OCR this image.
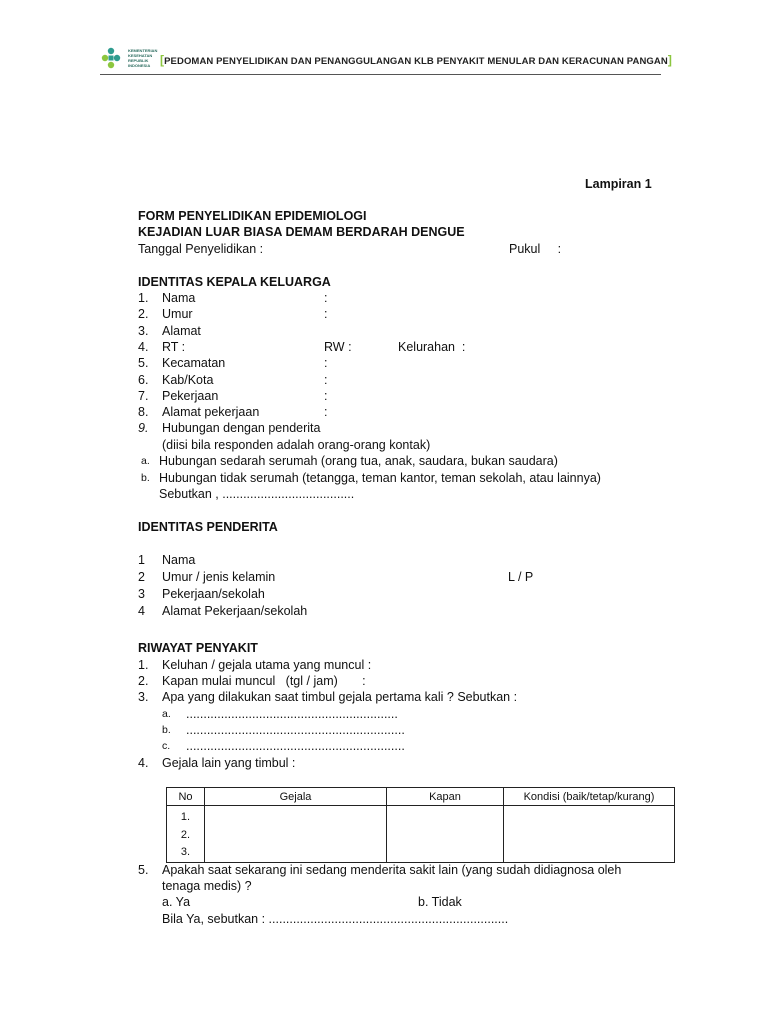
KEMENTERIAN
KESEHATAN
REPUBLIK
INDONESIA [PEDOMAN PENYELIDIKAN DAN PENANGGULANGAN KLB PENYAKIT MENULAR DAN KERACUNAN PANGAN]
Lampiran 1
FORM PENYELIDIKAN EPIDEMIOLOGI
KEJADIAN LUAR BIASA DEMAM BERDARAH DENGUE
Tanggal Penyelidikan :	Pukul     :
IDENTITAS KEPALA KELUARGA
1. Nama	:
2. Umur	:
3. Alamat
4. RT :	RW :	Kelurahan  :
5. Kecamatan	:
6. Kab/Kota	:
7. Pekerjaan	:
8. Alamat pekerjaan	:
9. Hubungan dengan penderita
(diisi bila responden adalah orang-orang kontak)
a. Hubungan sedarah serumah (orang tua, anak, saudara, bukan saudara)
b. Hubungan tidak serumah (tetangga, teman kantor, teman sekolah, atau lainnya)
Sebutkan , ......................................
IDENTITAS PENDERITA
1 Nama
2 Umur / jenis kelamin	L / P
3 Pekerjaan/sekolah
4 Alamat Pekerjaan/sekolah
RIWAYAT PENYAKIT
1. Keluhan / gejala utama yang muncul :
2. Kapan mulai muncul   (tgl / jam)       :
3. Apa yang dilakukan saat timbul gejala pertama kali ? Sebutkan :
a. .............................................................
b. ...............................................................
c. ...............................................................
4. Gejala lain yang timbul :
No	Gejala	Kapan	Kondisi (baik/tetap/kurang)

1.
2.
3.			

5. Apakah saat sekarang ini sedang menderita sakit lain (yang sudah didiagnosa oleh
tenaga medis) ?
a. Ya	b. Tidak
Bila Ya, sebutkan : .....................................................................
